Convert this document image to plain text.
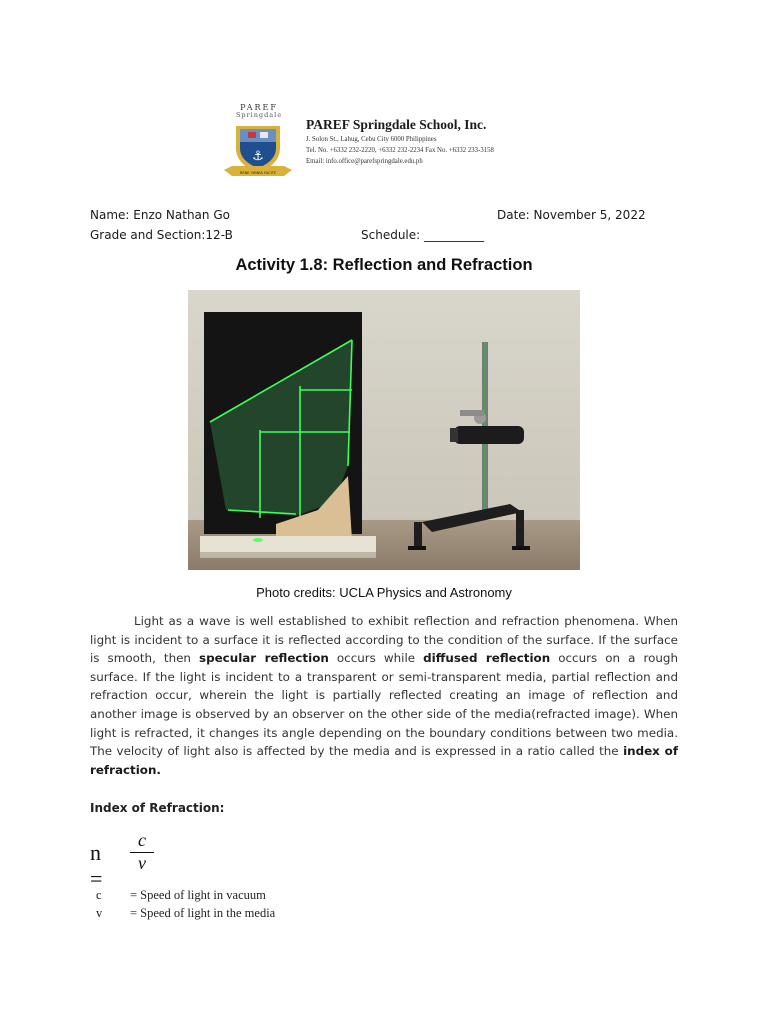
PAREF
Springdale
⚓
RENE OMNIA FACITE
PAREF Springdale School, Inc.
J. Solon St., Lahug, Cebu City 6000 Philippines
Tel. No. +6332 232-2220, +6332 232-2234 Fax No. +6332 233-3158
Email: info.office@parefspringdale.edu.ph
Name: Enzo Nathan Go	Date: November 5, 2022
Grade and Section:12-B	Schedule: __________
Activity 1.8: Reflection and Refraction
Photo credits: UCLA Physics and Astronomy
Light as a wave is well established to exhibit reflection and refraction phenomena. When light is incident to a surface it is reflected according to the condition of the surface. If the surface is smooth, then specular reflection occurs while diffused reflection occurs on a rough surface. If the light is incident to a transparent or semi-transparent media, partial reflection and refraction occur, wherein the light is partially reflected creating an image of reflection and another image is observed by an observer on the other side of the media(refracted image). When light is refracted, it changes its angle depending on the boundary conditions between two media. The velocity of light also is affected by the media and is expressed in a ratio called the index of refraction.
Index of Refraction:
n =
c
v
c = Speed of light in vacuum
v = Speed of light in the media
